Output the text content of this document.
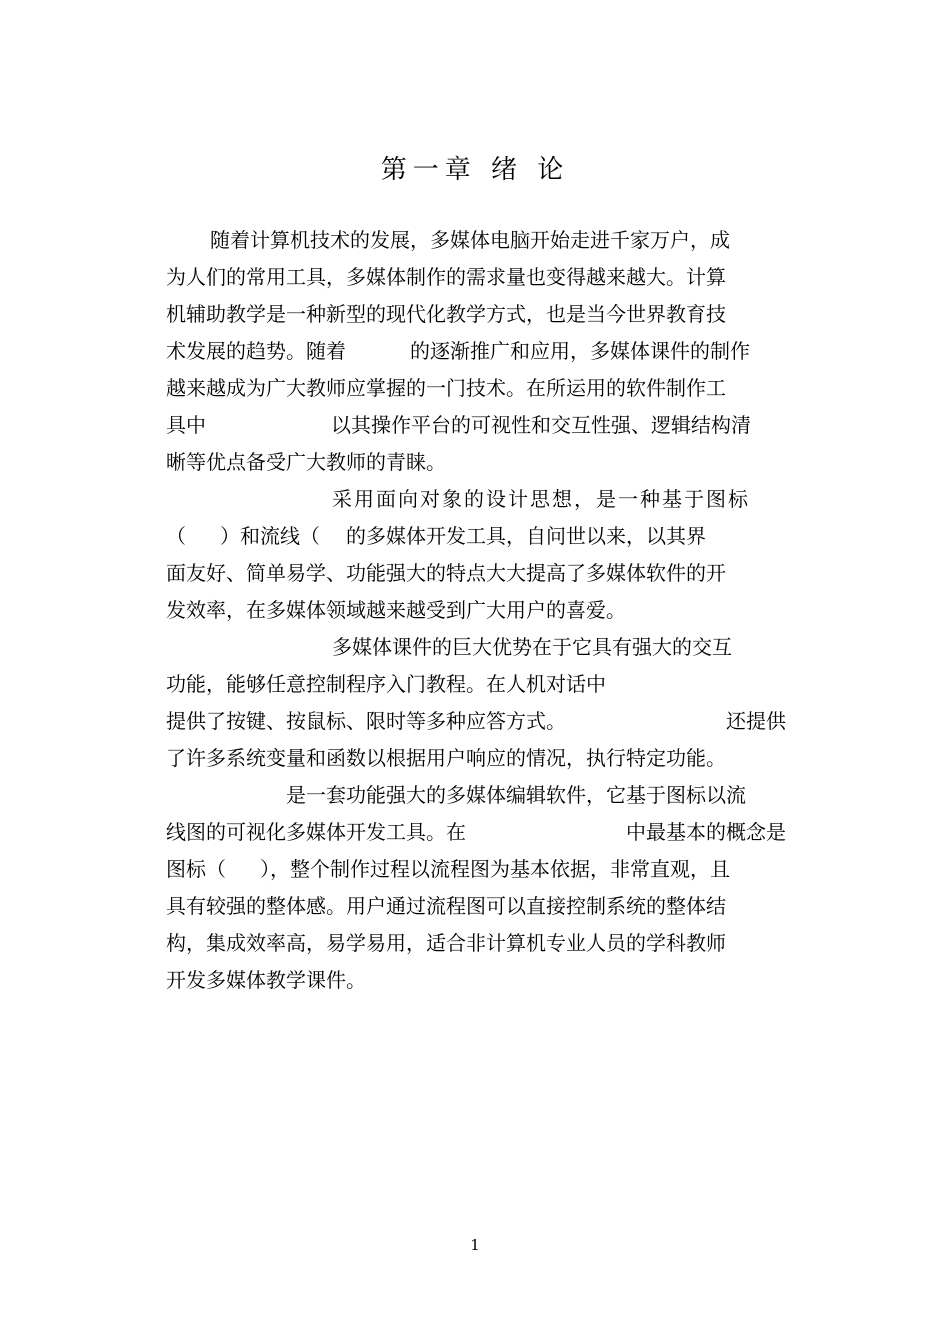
第一章 绪 论
随着计算机技术的发展，多媒体电脑开始走进千家万户，成
为人们的常用工具，多媒体制作的需求量也变得越来越大。计算
机辅助教学是一种新型的现代化教学方式，也是当今世界教育技
术发展的趋势。随着	的逐渐推广和应用，多媒体课件的制作
越来越成为广大教师应掌握的一门技术。在所运用的软件制作工
具中	以其操作平台的可视性和交互性强、逻辑结构清
晰等优点备受广大教师的青睐。
采用面向对象的设计思想，是一种基于图标
（ ）和流线（ 的多媒体开发工具，自问世以来，以其界
面友好、简单易学、功能强大的特点大大提高了多媒体软件的开
发效率，在多媒体领域越来越受到广大用户的喜爱。
多媒体课件的巨大优势在于它具有强大的交互
功能，能够任意控制程序入门教程。在人机对话中
提供了按键、按鼠标、限时等多种应答方式。	还提供
了许多系统变量和函数以根据用户响应的情况，执行特定功能。
是一套功能强大的多媒体编辑软件，它基于图标以流
线图的可视化多媒体开发工具。在	中最基本的概念是
图标（ ），整个制作过程以流程图为基本依据，非常直观，且
具有较强的整体感。用户通过流程图可以直接控制系统的整体结
构，集成效率高，易学易用，适合非计算机专业人员的学科教师
开发多媒体教学课件。
1
